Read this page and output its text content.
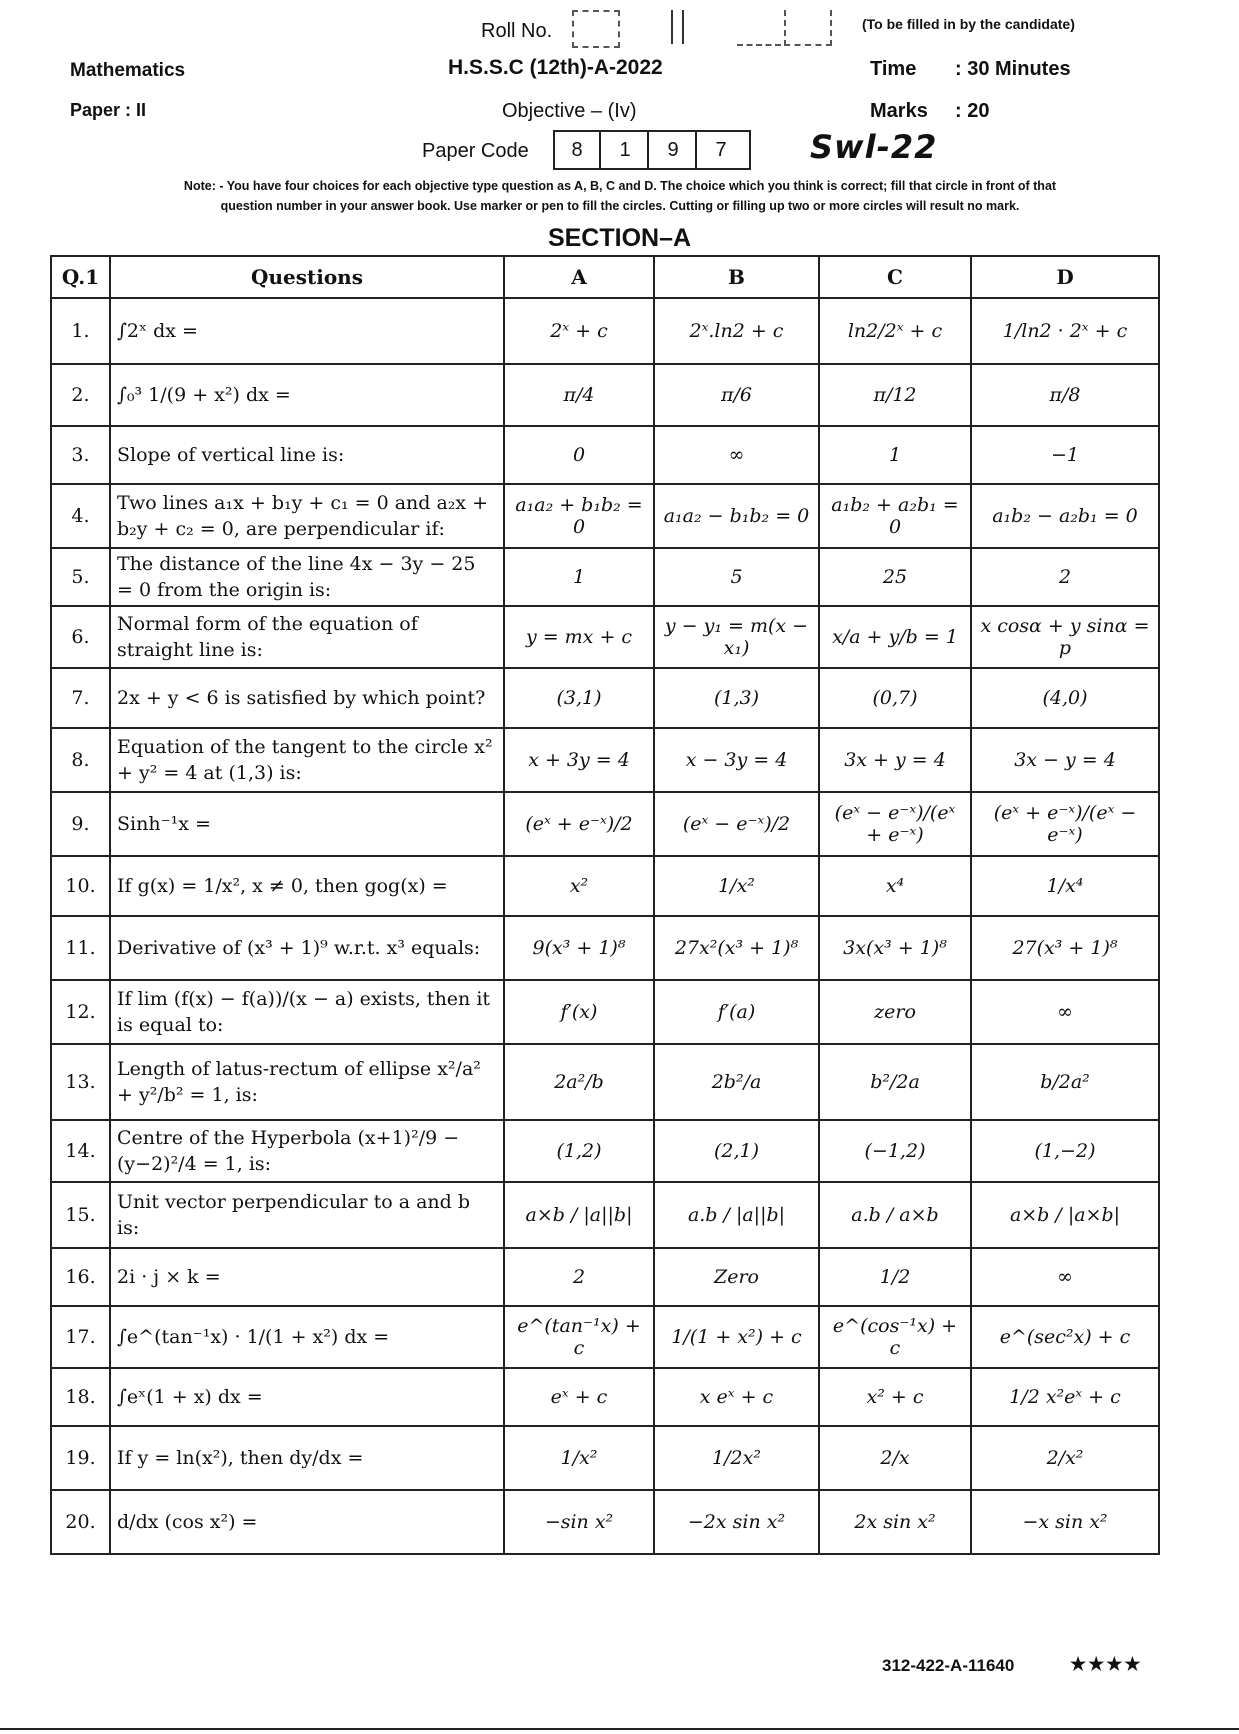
Roll No.	(To be filled in by the candidate)
Mathematics	H.S.S.C (12th)-A-2022	Time : 30 Minutes
Paper : II	Objective – (Iv)	Marks : 20
Paper Code	8	1	9	7	Swl-22
Note: - You have four choices for each objective type question as A, B, C and D. The choice which you think is correct; fill that circle in front of that
question number in your answer book. Use marker or pen to fill the circles. Cutting or filling up two or more circles will result no mark.
SECTION–A
Q.1	Questions	A	B	C	D
1.	∫2ˣ dx =	2ˣ + c	2ˣ.ln2 + c	ln2/2ˣ + c	1/ln2 · 2ˣ + c
2.	∫₀³ 1/(9 + x²) dx =	π/4	π/6	π/12	π/8
3.	Slope of vertical line is:	0	∞	1	−1
4.	Two lines a₁x + b₁y + c₁ = 0 and a₂x + b₂y + c₂ = 0, are perpendicular if:	a₁a₂ + b₁b₂ = 0	a₁a₂ − b₁b₂ = 0	a₁b₂ + a₂b₁ = 0	a₁b₂ − a₂b₁ = 0
5.	The distance of the line 4x − 3y − 25 = 0 from the origin is:	1	5	25	2
6.	Normal form of the equation of straight line is:	y = mx + c	y − y₁ = m(x − x₁)	x/a + y/b = 1	x cosα + y sinα = p
7.	2x + y < 6 is satisfied by which point?	(3,1)	(1,3)	(0,7)	(4,0)
8.	Equation of the tangent to the circle x² + y² = 4 at (1,3) is:	x + 3y = 4	x − 3y = 4	3x + y = 4	3x − y = 4
9.	Sinh⁻¹x =	(eˣ + e⁻ˣ)/2	(eˣ − e⁻ˣ)/2	(eˣ − e⁻ˣ)/(eˣ + e⁻ˣ)	(eˣ + e⁻ˣ)/(eˣ − e⁻ˣ)
10.	If g(x) = 1/x², x ≠ 0, then gog(x) =	x²	1/x²	x⁴	1/x⁴
11.	Derivative of (x³ + 1)⁹ w.r.t. x³ equals:	9(x³ + 1)⁸	27x²(x³ + 1)⁸	3x(x³ + 1)⁸	27(x³ + 1)⁸
12.	If lim (f(x) − f(a))/(x − a) exists, then it is equal to:	f′(x)	f′(a)	zero	∞
13.	Length of latus-rectum of ellipse x²/a² + y²/b² = 1, is:	2a²/b	2b²/a	b²/2a	b/2a²
14.	Centre of the Hyperbola (x+1)²/9 − (y−2)²/4 = 1, is:	(1,2)	(2,1)	(−1,2)	(1,−2)
15.	Unit vector perpendicular to a and b is:	a×b / |a||b|	a.b / |a||b|	a.b / a×b	a×b / |a×b|
16.	2i · j × k =	2	Zero	1/2	∞
17.	∫e^(tan⁻¹x) · 1/(1 + x²) dx =	e^(tan⁻¹x) + c	1/(1 + x²) + c	e^(cos⁻¹x) + c	e^(sec²x) + c
18.	∫eˣ(1 + x) dx =	eˣ + c	x eˣ + c	x² + c	1/2 x²eˣ + c
19.	If y = ln(x²), then dy/dx =	1/x²	1/2x²	2/x	2/x²
20.	d/dx (cos x²) =	−sin x²	−2x sin x²	2x sin x²	−x sin x²
312-422-A-11640	★★★★
